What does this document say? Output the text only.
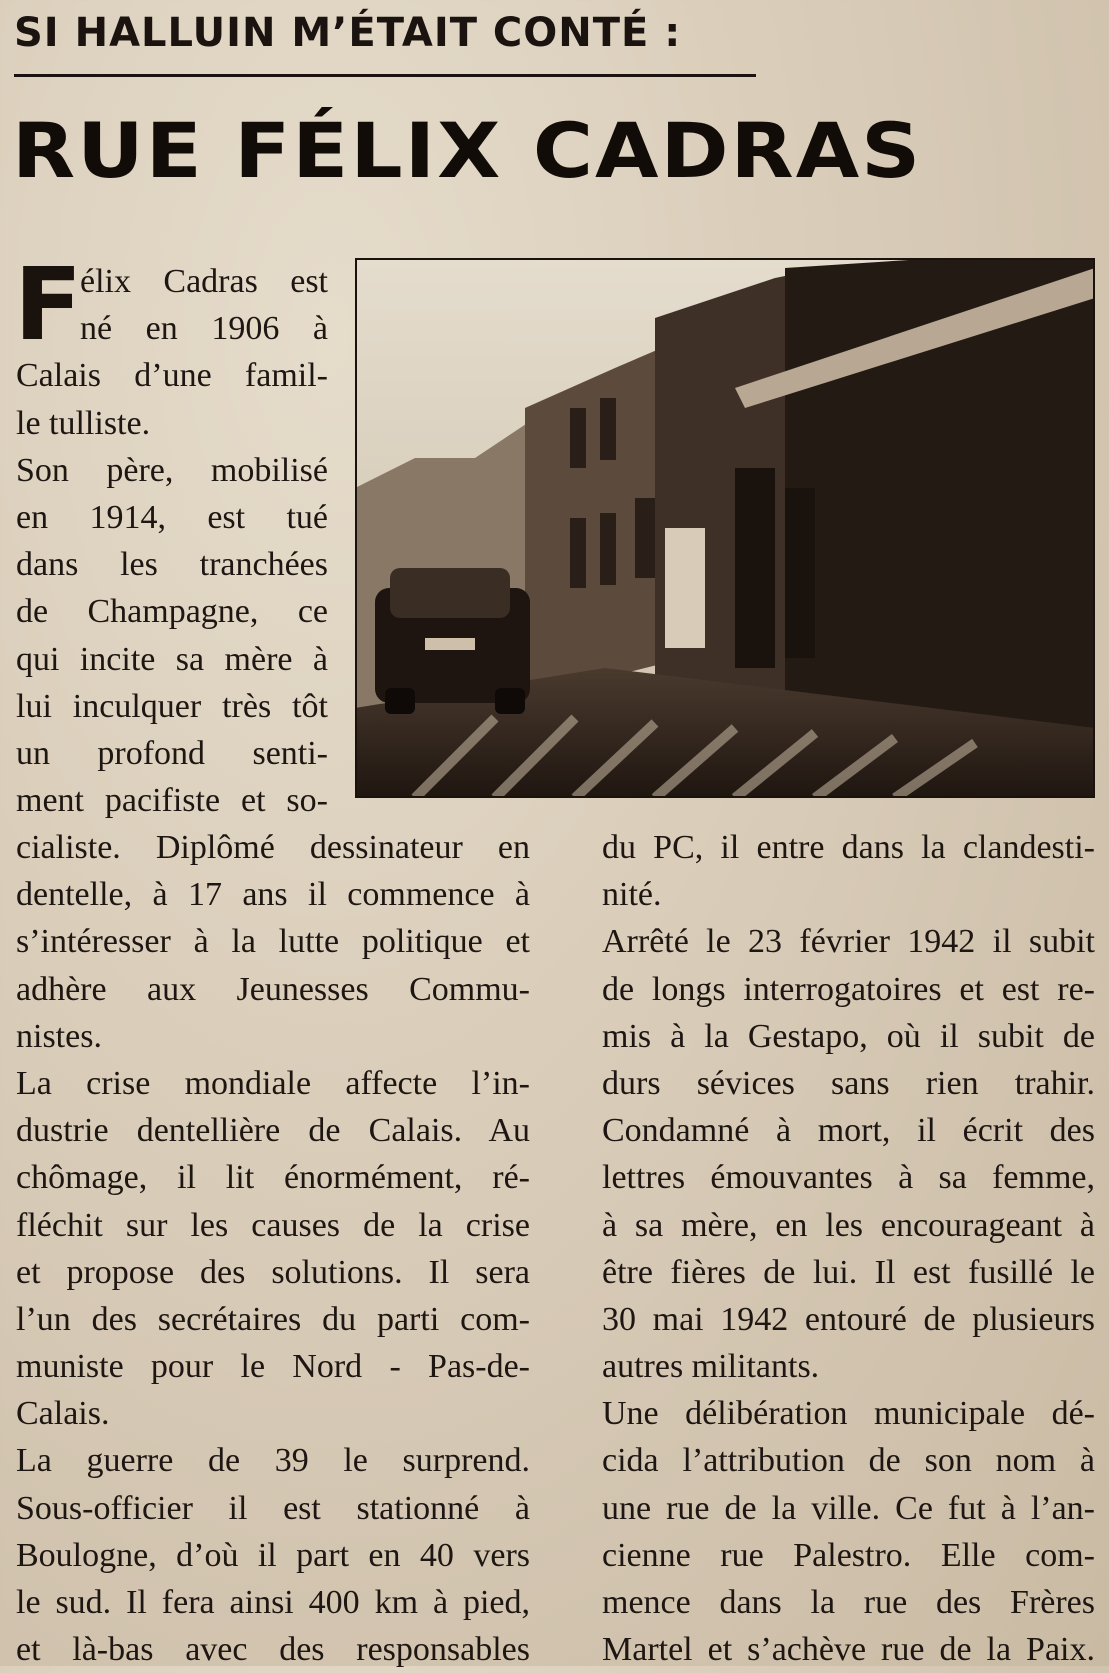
SI HALLUIN M’ÉTAIT CONTÉ :
RUE FÉLIX CADRAS
F
élix Cadras est
né en 1906 à
Calais d’une famil-
le tulliste.
Son père, mobilisé
en 1914, est tué
dans les tranchées
de Champagne, ce
qui incite sa mère à
lui inculquer très tôt
un profond senti-
ment pacifiste et so-
cialiste. Diplômé dessinateur en
dentelle, à 17 ans il commence à
s’intéresser à la lutte politique et
adhère aux Jeunesses Commu-
nistes.
La crise mondiale affecte l’in-
dustrie dentellière de Calais. Au
chômage, il lit énormément, ré-
fléchit sur les causes de la crise
et propose des solutions. Il sera
l’un des secrétaires du parti com-
muniste pour le Nord - Pas-de-
Calais.
La guerre de 39 le surprend.
Sous-officier il est stationné à
Boulogne, d’où il part en 40 vers
le sud. Il fera ainsi 400 km à pied,
et là-bas avec des responsables
du PC, il entre dans la clandesti-
nité.
Arrêté le 23 février 1942 il subit
de longs interrogatoires et est re-
mis à la Gestapo, où il subit de
durs sévices sans rien trahir.
Condamné à mort, il écrit des
lettres émouvantes à sa femme,
à sa mère, en les encourageant à
être fières de lui. Il est fusillé le
30 mai 1942 entouré de plusieurs
autres militants.
Une délibération municipale dé-
cida l’attribution de son nom à
une rue de la ville. Ce fut à l’an-
cienne rue Palestro. Elle com-
mence dans la rue des Frères
Martel et s’achève rue de la Paix.
